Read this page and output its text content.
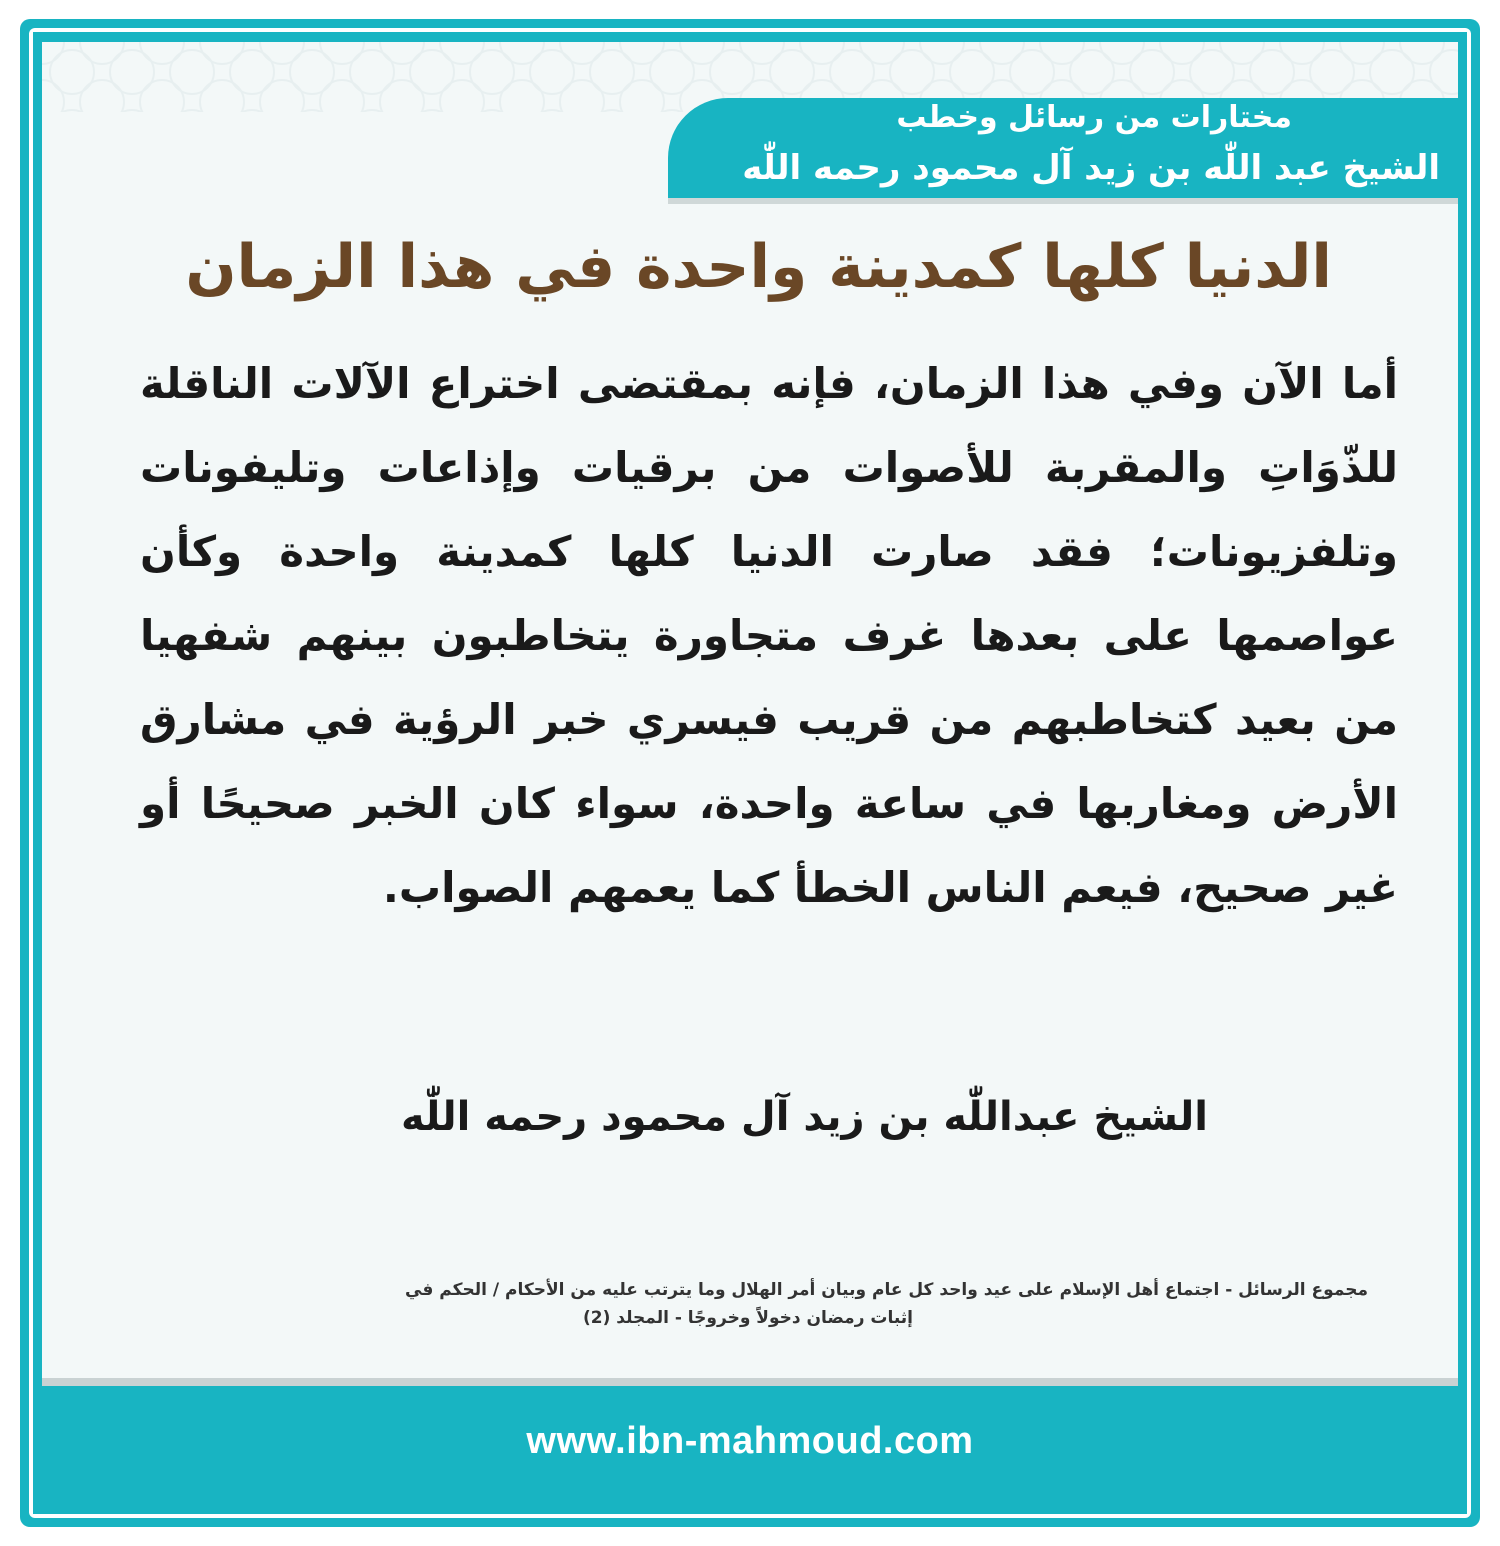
مختارات من رسائل وخطب
الشيخ عبد اللّٰه بن زيد آل محمود رحمه اللّٰه
الدنيا كلها كمدينة واحدة في هذا الزمان
أما الآن وفي هذا الزمان، فإنه بمقتضى اختراع الآلات الناقلة للذّوَاتِ والمقربة للأصوات من برقيات وإذاعات وتليفونات وتلفزيونات؛ فقد صارت الدنيا كلها كمدينة واحدة وكأن عواصمها على بعدها غرف متجاورة يتخاطبون بينهم شفهيا من بعيد كتخاطبهم من قريب فيسري خبر الرؤية في مشارق الأرض ومغاربها في ساعة واحدة، سواء كان الخبر صحيحًا أو غير صحيح، فيعم الناس الخطأ كما يعمهم الصواب.
الشيخ عبداللّٰه بن زيد آل محمود رحمه اللّٰه
مجموع الرسائل - اجتماع أهل الإسلام على عيد واحد كل عام وبيان أمر الهلال وما يترتب عليه من الأحكام / الحكم في
إثبات رمضان دخولاً وخروجًا - المجلد (2)
www.ibn-mahmoud.com
